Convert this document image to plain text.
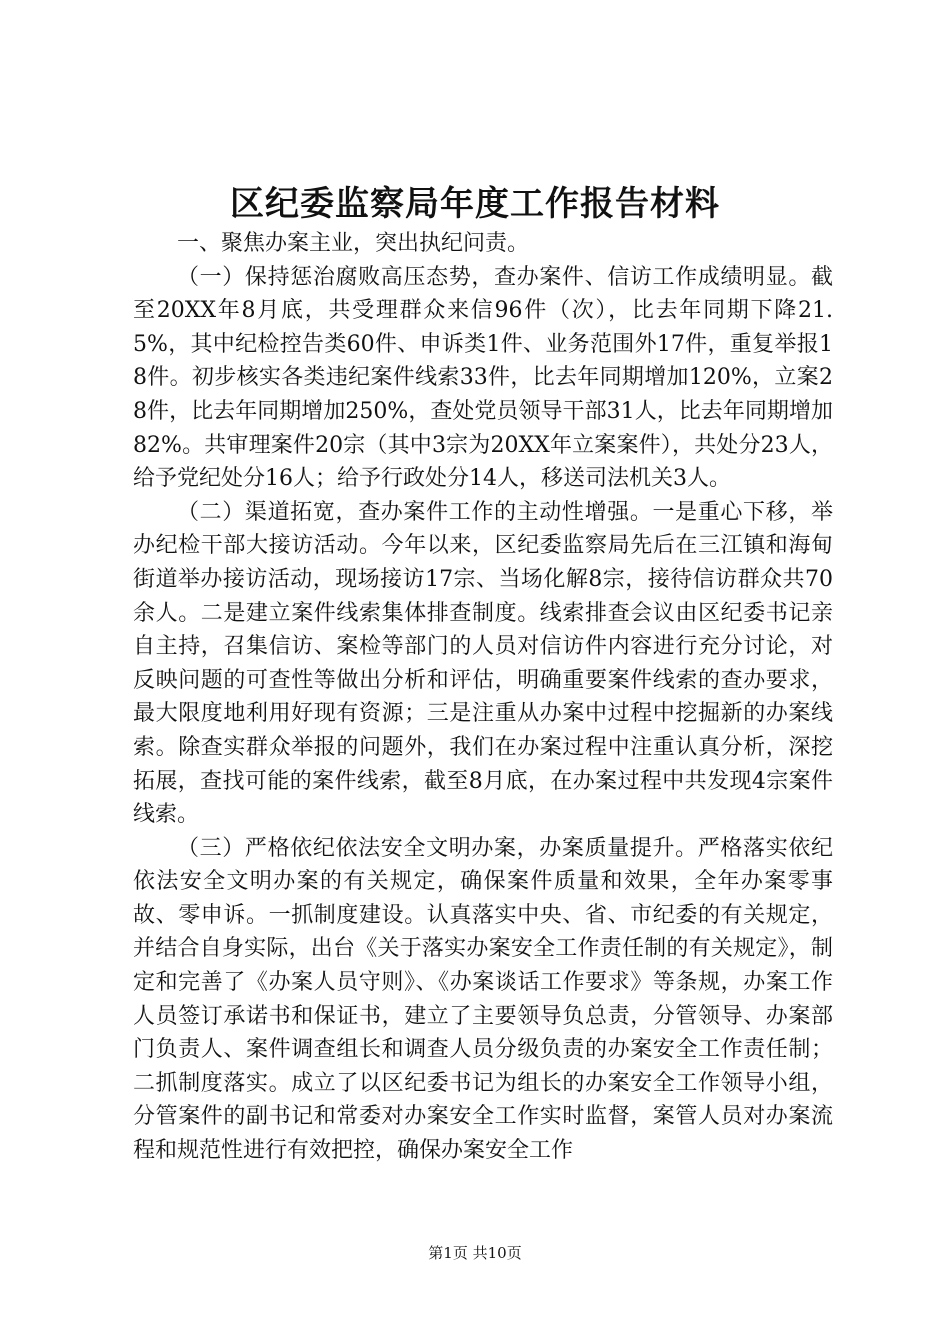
区纪委监察局年度工作报告材料

一、聚焦办案主业，突出执纪问责。

（一）保持惩治腐败高压态势，查办案件、信访工作成绩明显。截至20XX年8月底，共受理群众来信96件（次），比去年同期下降21.5%，其中纪检控告类60件、申诉类1件、业务范围外17件，重复举报18件。初步核实各类违纪案件线索33件，比去年同期增加120%，立案28件，比去年同期增加250%，查处党员领导干部31人，比去年同期增加82%。共审理案件20宗（其中3宗为20XX年立案案件），共处分23人，给予党纪处分16人；给予行政处分14人，移送司法机关3人。

（二）渠道拓宽，查办案件工作的主动性增强。一是重心下移，举办纪检干部大接访活动。今年以来，区纪委监察局先后在三江镇和海甸街道举办接访活动，现场接访17宗、当场化解8宗，接待信访群众共70余人。二是建立案件线索集体排查制度。线索排查会议由区纪委书记亲自主持，召集信访、案检等部门的人员对信访件内容进行充分讨论，对反映问题的可查性等做出分析和评估，明确重要案件线索的查办要求，最大限度地利用好现有资源；三是注重从办案中过程中挖掘新的办案线索。除查实群众举报的问题外，我们在办案过程中注重认真分析，深挖拓展，查找可能的案件线索，截至8月底，在办案过程中共发现4宗案件线索。

（三）严格依纪依法安全文明办案，办案质量提升。严格落实依纪依法安全文明办案的有关规定，确保案件质量和效果，全年办案零事故、零申诉。一抓制度建设。认真落实中央、省、市纪委的有关规定，并结合自身实际，出台《关于落实办案安全工作责任制的有关规定》，制定和完善了《办案人员守则》、《办案谈话工作要求》等条规，办案工作人员签订承诺书和保证书，建立了主要领导负总责，分管领导、办案部门负责人、案件调查组长和调查人员分级负责的办案安全工作责任制；二抓制度落实。成立了以区纪委书记为组长的办案安全工作领导小组，分管案件的副书记和常委对办案安全工作实时监督，案管人员对办案流程和规范性进行有效把控，确保办案安全工作

第1页 共10页
